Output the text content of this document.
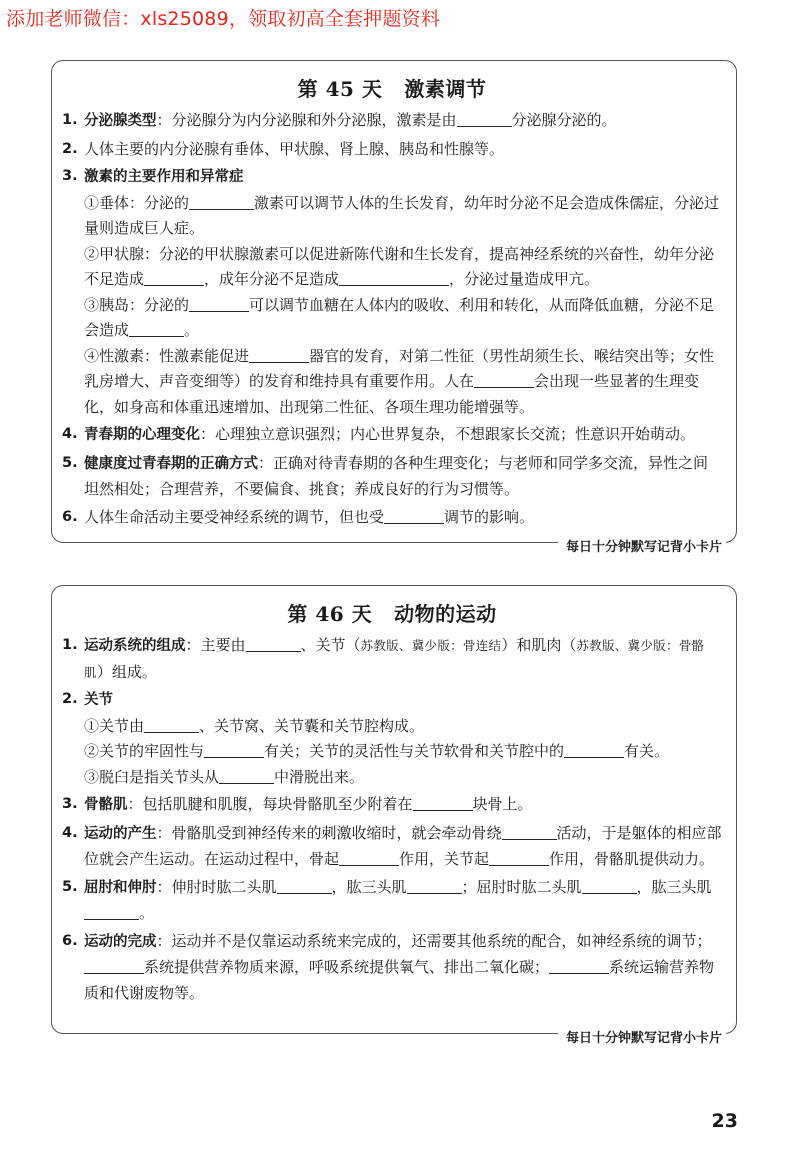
添加老师微信：xls25089，领取初高全套押题资料
第 45 天 激素调节
1. 分泌腺类型：分泌腺分为内分泌腺和外分泌腺，激素是由	分泌腺分泌的。
2. 人体主要的内分泌腺有垂体、甲状腺、肾上腺、胰岛和性腺等。
3. 激素的主要作用和异常症
①垂体：分泌的	激素可以调节人体的生长发育，幼年时分泌不足会造成侏儒症，分泌过量则造成巨人症。
②甲状腺：分泌的甲状腺激素可以促进新陈代谢和生长发育，提高神经系统的兴奋性，幼年分泌不足造成	，成年分泌不足造成	，分泌过量造成甲亢。
③胰岛：分泌的	可以调节血糖在人体内的吸收、利用和转化，从而降低血糖，分泌不足会造成	。
④性激素：性激素能促进	器官的发育，对第二性征（男性胡须生长、喉结突出等；女性乳房增大、声音变细等）的发育和维持具有重要作用。人在	会出现一些显著的生理变化，如身高和体重迅速增加、出现第二性征、各项生理功能增强等。
4. 青春期的心理变化：心理独立意识强烈；内心世界复杂，不想跟家长交流；性意识开始萌动。
5. 健康度过青春期的正确方式：正确对待青春期的各种生理变化；与老师和同学多交流，异性之间坦然相处；合理营养，不要偏食、挑食；养成良好的行为习惯等。
6. 人体生命活动主要受神经系统的调节，但也受	调节的影响。
每日十分钟默写记背小卡片
第 46 天 动物的运动
1. 运动系统的组成：主要由	、关节（苏教版、冀少版：骨连结）和肌肉（苏教版、冀少版：骨骼肌）组成。
2. 关节
①关节由	、关节窝、关节囊和关节腔构成。
②关节的牢固性与	有关；关节的灵活性与关节软骨和关节腔中的	有关。
③脱臼是指关节头从	中滑脱出来。
3. 骨骼肌：包括肌腱和肌腹，每块骨骼肌至少附着在	块骨上。
4. 运动的产生：骨骼肌受到神经传来的刺激收缩时，就会牵动骨绕	活动，于是躯体的相应部位就会产生运动。在运动过程中，骨起	作用，关节起	作用，骨骼肌提供动力。
5. 屈肘和伸肘：伸肘时肱二头肌	，肱三头肌	；屈肘时肱二头肌	，肱三头肌。
6. 运动的完成：运动并不是仅靠运动系统来完成的，还需要其他系统的配合，如神经系统的调节；系统提供营养物质来源，呼吸系统提供氧气、排出二氧化碳；	系统运输营养物质和代谢废物等。
每日十分钟默写记背小卡片
23
